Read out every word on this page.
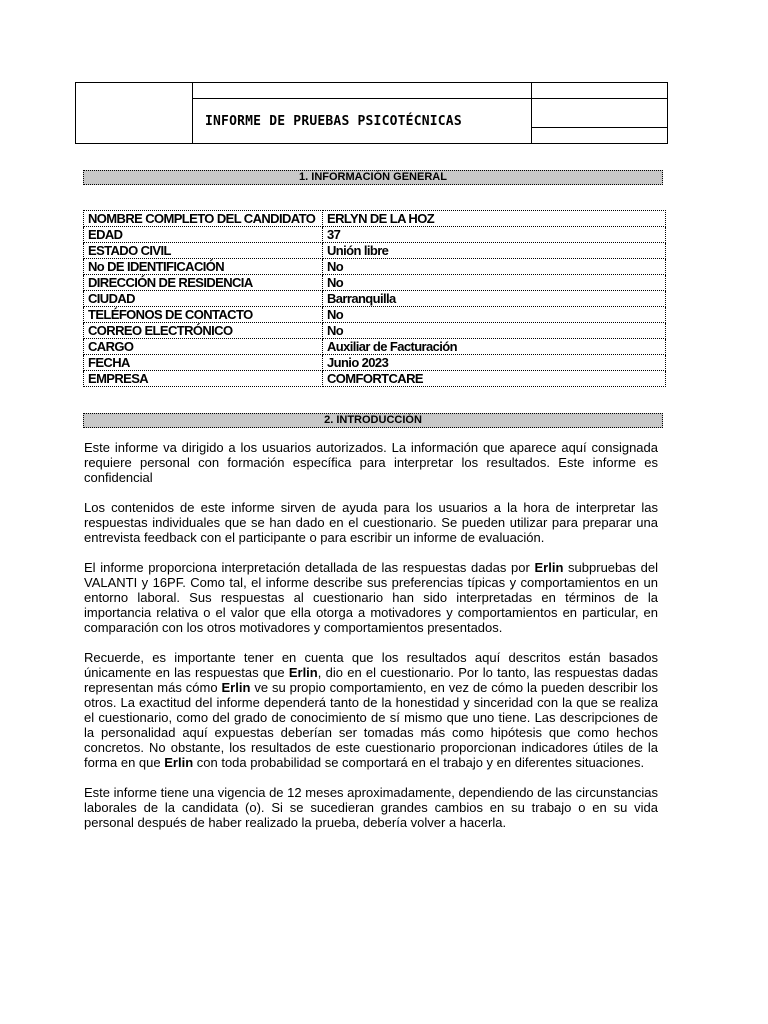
INFORME DE PRUEBAS PSICOTÉCNICAS
1. INFORMACIÓN GENERAL
NOMBRE COMPLETO DEL CANDIDATO	ERLYN DE LA HOZ
EDAD	37
ESTADO CIVIL	Unión libre
No DE IDENTIFICACIÓN	No
DIRECCIÓN DE RESIDENCIA	No
CIUDAD	Barranquilla
TELÉFONOS DE CONTACTO	No
CORREO ELECTRÓNICO	No
CARGO	Auxiliar de Facturación
FECHA	Junio 2023
EMPRESA	COMFORTCARE
2. INTRODUCCIÓN

Este informe va dirigido a los usuarios autorizados. La información que aparece aquí consignada requiere personal con formación específica para interpretar los resultados. Este informe es confidencial

Los contenidos de este informe sirven de ayuda para los usuarios a la hora de interpretar las respuestas individuales que se han dado en el cuestionario. Se pueden utilizar para preparar una entrevista feedback con el participante o para escribir un informe de evaluación.

El informe proporciona interpretación detallada de las respuestas dadas por Erlin subpruebas del VALANTI y 16PF. Como tal, el informe describe sus preferencias típicas y comportamientos en un entorno laboral. Sus respuestas al cuestionario han sido interpretadas en términos de la importancia relativa o el valor que ella otorga a motivadores y comportamientos en particular, en comparación con los otros motivadores y comportamientos presentados.

Recuerde, es importante tener en cuenta que los resultados aquí descritos están basados únicamente en las respuestas que Erlin, dio en el cuestionario. Por lo tanto, las respuestas dadas representan más cómo Erlin ve su propio comportamiento, en vez de cómo la pueden describir los otros. La exactitud del informe dependerá tanto de la honestidad y sinceridad con la que se realiza el cuestionario, como del grado de conocimiento de sí mismo que uno tiene. Las descripciones de la personalidad aquí expuestas deberían ser tomadas más como hipótesis que como hechos concretos. No obstante, los resultados de este cuestionario proporcionan indicadores útiles de la forma en que Erlin con toda probabilidad se comportará en el trabajo y en diferentes situaciones.

Este informe tiene una vigencia de 12 meses aproximadamente, dependiendo de las circunstancias laborales de la candidata (o). Si se sucedieran grandes cambios en su trabajo o en su vida personal después de haber realizado la prueba, debería volver a hacerla.
